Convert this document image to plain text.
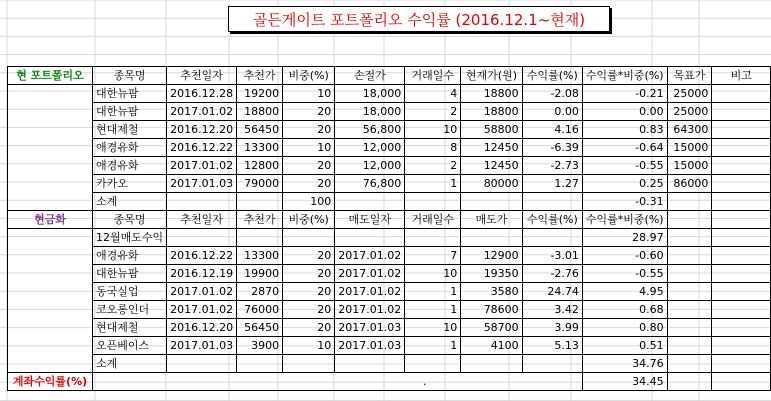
골든게이트 포트폴리오 수익률 (2016.12.1~현재)
현 포트폴리오	종목명	추천일자	추천가	비중(%)	손절가	거래일수	현재가(원)	수익률(%)	수익률*비중(%)	목표가	비고
	대한뉴팜	2016.12.28	19200	10	18,000	4	18800	-2.08	-0.21	25000	
	대한뉴팜	2017.01.02	18800	20	18,000	2	18800	0.00	0.00	25000	
	현대제철	2016.12.20	56450	20	56,800	10	58800	4.16	0.83	64300	
	애경유화	2016.12.22	13300	10	12,000	8	12450	-6.39	-0.64	15000	
	애경유화	2017.01.02	12800	20	12,000	2	12450	-2.73	-0.55	15000	
	카카오	2017.01.03	79000	20	76,800	1	80000	1.27	0.25	86000	
	소계			100					-0.31		
현금화	종목명	추천일자	추천가	비중(%)	매도일자	거래일수	매도가	수익률(%)	수익률*비중(%)		
	12월매도수익								28.97		
	애경유화	2016.12.22	13300	20	2017.01.02	7	12900	-3.01	-0.60		
	대한뉴팜	2016.12.19	19900	20	2017.01.02	10	19350	-2.76	-0.55		
	동국실업	2017.01.02	2870	20	2017.01.02	1	3580	24.74	4.95		
	코오롱인더	2017.01.02	76000	20	2017.01.02	1	78600	3.42	0.68		
	현대제철	2016.12.20	56450	20	2017.01.03	10	58700	3.99	0.80		
	오픈베이스	2017.01.03	3900	10	2017.01.03	1	4100	5.13	0.51		
	소계								34.76		
계좌수익률(%)	.								34.45		
